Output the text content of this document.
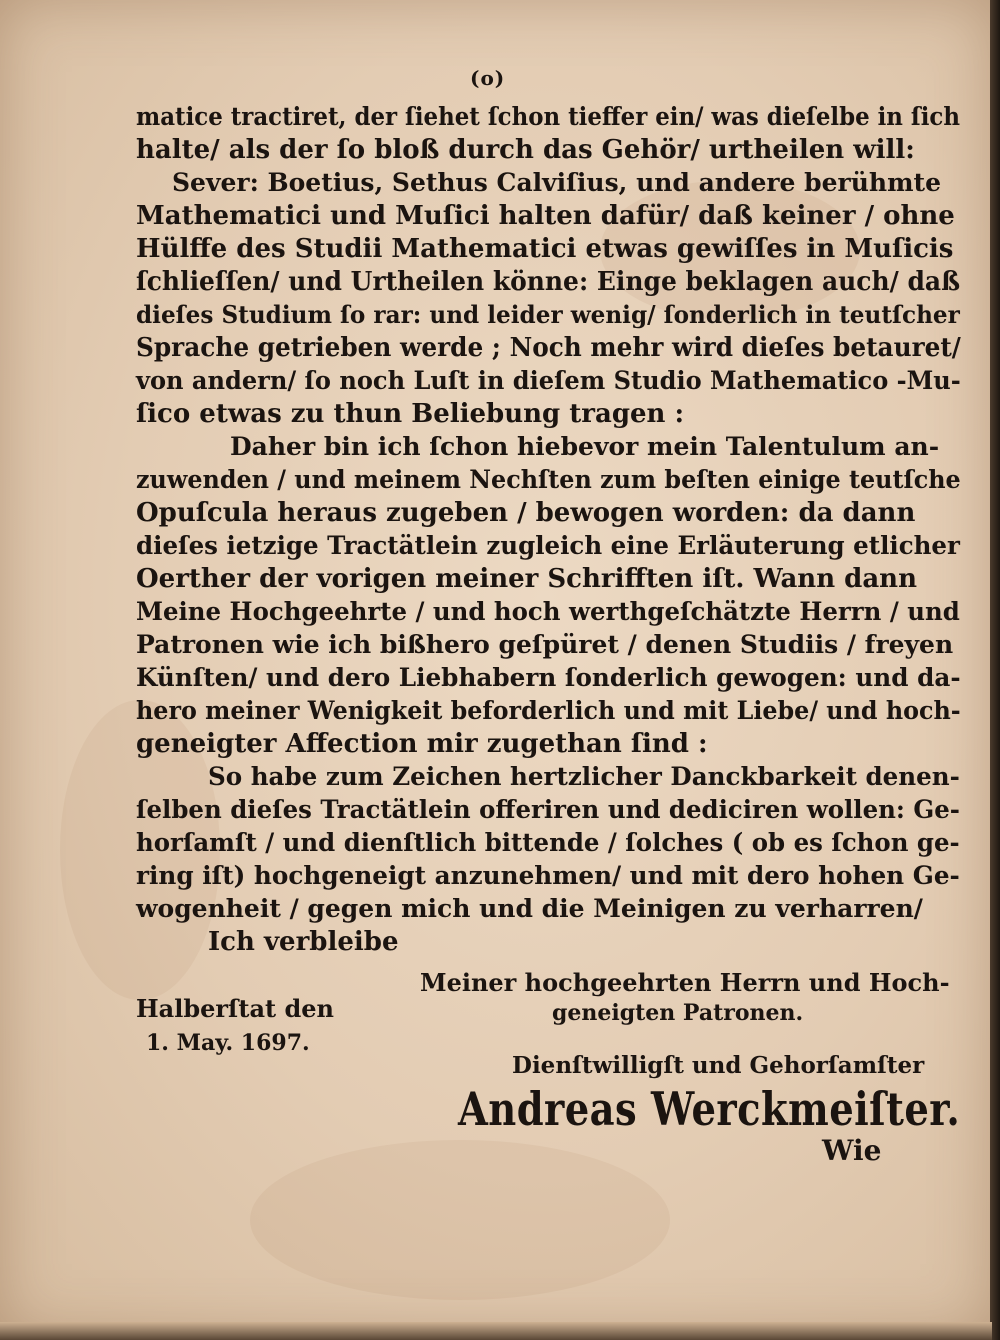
(o)
matice tractiret, der ſiehet ſchon tieffer ein/ was dieſelbe in ſich
halte/ als der ſo bloß durch das Gehör/ urtheilen will:
Sever: Boetius, Sethus Calviſius, und andere berühmte
Mathematici und Muſici halten dafür/ daß keiner / ohne
Hülffe des Studii Mathematici etwas gewiſſes in Muſicis
ſchlieſſen/ und Urtheilen könne: Einge beklagen auch/ daß
dieſes Studium ſo rar: und leider wenig/ ſonderlich in teutſcher
Sprache getrieben werde ; Noch mehr wird dieſes betauret/
von andern/ ſo noch Luſt in dieſem Studio Mathematico -Mu-
ſico etwas zu thun Beliebung tragen :
Daher bin ich ſchon hiebevor mein Talentulum an-
zuwenden / und meinem Nechſten zum beſten einige teutſche
Opuſcula heraus zugeben / bewogen worden: da dann
dieſes ietzige Tractätlein zugleich eine Erläuterung etlicher
Oerther der vorigen meiner Schrifften iſt. Wann dann
Meine Hochgeehrte / und hoch werthgeſchätzte Herrn / und
Patronen wie ich bißhero geſpüret / denen Studiis / freyen
Künſten/ und dero Liebhabern ſonderlich gewogen: und da-
hero meiner Wenigkeit beforderlich und mit Liebe/ und hoch-
geneigter Affection mir zugethan ſind :
So habe zum Zeichen hertzlicher Danckbarkeit denen-
ſelben dieſes Tractätlein offeriren und dediciren wollen: Ge-
horſamſt / und dienſtlich bittende / ſolches ( ob es ſchon ge-
ring iſt) hochgeneigt anzunehmen/ und mit dero hohen Ge-
wogenheit / gegen mich und die Meinigen zu verharren/
Ich verbleibe
Meiner hochgeehrten Herrn und Hoch-
geneigten Patronen.
Halberſtat den
1. May. 1697.
Dienſtwilligſt und Gehorſamſter
Andreas Werckmeiſter.
Wie
